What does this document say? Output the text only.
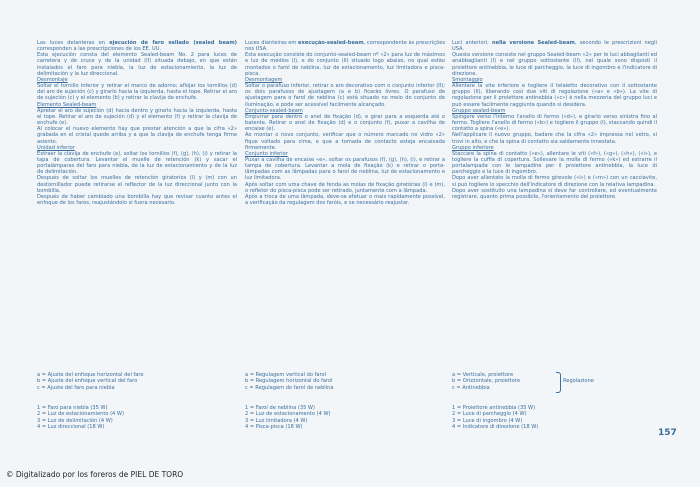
Las luces delanteras en ejecución de faro sellado (sealed beam) corresponden a las prescripciones de los EE. UU.

Esta ejecución consta del elemento Sealed-beam No. 2 para luces de carretera y de cruce y de la unidad (II) situada debajo, en que están instalados el faro para niebla, la luz de estacionamiento, la luz de delimitación y la luz direccional.

Desmontaje

Soltar el tornillo inferior y retirar el marco de adorno; aflojar los tornillos (d) del aro de sujeción (c) y girarlo hacia la izquierda, hasta el tope. Retirar el aro de sujeción (c) y el elemento (b) y retirar la clavija de enchufe.

Elemento Sealed-beam

Apretar el aro de sujeción (d) hacia dentro y girarlo hacia la izquierda, hasta el tope. Retirar el aro de sujeción (d) y el elemento (f) y retirar la clavija de enchufe (e).

Al colocar el nuevo elemento hay que prestar atención a que la cifra «2» grabada en el cristal quede arriba y a que la clavija de enchufe tenga firme asiento.

Unidad inferior

Extraer la clavija de enchufe (e), soltar los tornillos (f), (g), (h), (i) y retirar la tapa de cobertura. Levantar el muelle de retención (k) y sacar el portalámparas del faro para niebla, de la luz de estacionamiento y de la luz de delimitación.

Después de soltar los muelles de retención giratorios (l) y (m) con un destornillador puede retirarse el reflector de la luz direccional junto con la bombilla.

Después de haber cambiado una bombilla hay que revisar cuanto antes el enfoque de los faros, reajustándolo si fuera necesario.

Luces dianteiras em execução-sealed-beam, correspondente às prescrições nos USA.

Esta execução consiste do conjunto-sealed-beam nº «2» para luz de máximos e luz de médios (I), e do conjunto (II) situado logo abaixo, no qual estão montados o farol de neblina, luz de estacionamento, luz limitadora e pisca-pisca.

Desmontagem

Soltar o parafuso inferior, retirar o aro decorativo com o conjunto inferior (II); os dois parafusos de ajustagem (a e b) ficarão livres. O parafuso de ajustagem para o farol de neblina (c) está situado no meio do conjunto de iluminação, e pode ser acessível facilmente alcançado.

Conjunto-sealed-beam

Empurrar para dentro o anel de fixação (d), e girar para a esquerda até o batente. Retirar o anel de fixação (d) e o conjunto (f), puxar a cavilha de encaixe (e).

Ao montar o novo conjunto, verificar que o número marcado no vidro «2» fique voltado para cima, e que a tomada de contacto esteja encaixada firmemente.

Conjunto inferior

Puxar a cavilha de encaixe «e», soltar os parafusos (f), (g), (h), (i), e retirar a tampa de cobertura. Levantar a mola de fixação (k) e retirar o porta-lâmpadas com as lâmpadas para o farol de neblina, luz de estacionamento e luz limitadora.

Após soltar com uma chave de fenda as molas de fixação giratórias (l) e (m), o refletor do pisca-pisca pode ser retirado, juntamente com a lâmpada.

Após a troca de uma lâmpada, deve-se efetuar o mais rapidamente possível, a verificação da regulagem dos faróis, e se necessário reajustar.

Luci anteriori, nella versione Sealed-beam, secondo le prescrizioni negli USA.

Questa versione consiste nel gruppo Sealed-beam «2» per le luci abbaglianti ed anabbaglianti (I) e nel gruppo sottostante (II), nel quale sono disposti il proiettore antinebbia, le luce di parcheggio, la luce di ingombro e l'indicatore di direzione.

Smontaggio

Allentare la vite inferiore e togliere il telaietto decorativo con il sottostante gruppo (II), liberando così due viti di regolazione («a» e «b»). La vite di regolazione per il proiettore antinebbia («c») è nella mezzeria del gruppo luci e può essere facilmente raggiunta quando si desidera.

Gruppo sealed-beam

Spingere verso l'interno l'anello di fermo («d»), e girarlo verso sinistra fino al fermo. Togliere l'anello di fermo («b») e togliere il gruppo (I), staccando quindi il contatto a spina («e»).

Nell'applicare il nuovo gruppo, badare che la cifra «2» impressa nel vetro, si trovi in alto, e che la spina di contatto sia saldamente innestata.

Gruppo inferiore

Staccare la spina di contatto («e»), allentare le viti («f»), («g»), («h»), («i»), e togliere la cuffia di copertura. Sollevare la molla di fermo («k») ed estrarre il portalampada con le lampadine per il proiettore antinebbia, la luce di parcheggio e la luce di ingombro.

Dopo aver allentato la molla di fermo girevole («l») e («m») con un cacciavite, si può togliere lo specchio dell'indicatore di direzione con la relativa lampadina.

Dopo aver sostituito una lampadina si deve far controllare, ed eventualmente registrare, quanto prima possibile, l'orientamento del proiettore.

a = Ajuste del enfoque horizontal del faro
b = Ajuste del enfoque vertical del faro
c = Ajuste del faro para niebla
1 = Faro para niebla (35 W)
2 = Luz de estacionamiento (4 W)
3 = Luz de delimitación (4 W)
4 = Luz direccional (18 W)
a = Regulagem vertical do farol
b = Regulagem horizontal do farol
c = Regulagem do farol de neblina
1 = Farol de neblina (35 W)
2 = Luz de estacionamento (4 W)
3 = Luz limitadora (4 W)
4 = Pisca-pisca (18 W)
a = Verticale, proiettore
b = Orizzontale, proiettore
c = Antinebbia
Regolazione
1 = Proiettore antinebbia (35 W)
2 = Luce di parcheggio (4 W)
3 = Luce di ingombro (4 W)
4 = Indicatore di direzione (18 W)
157
© Digitalizado por los foreros de PIEL DE TORO
